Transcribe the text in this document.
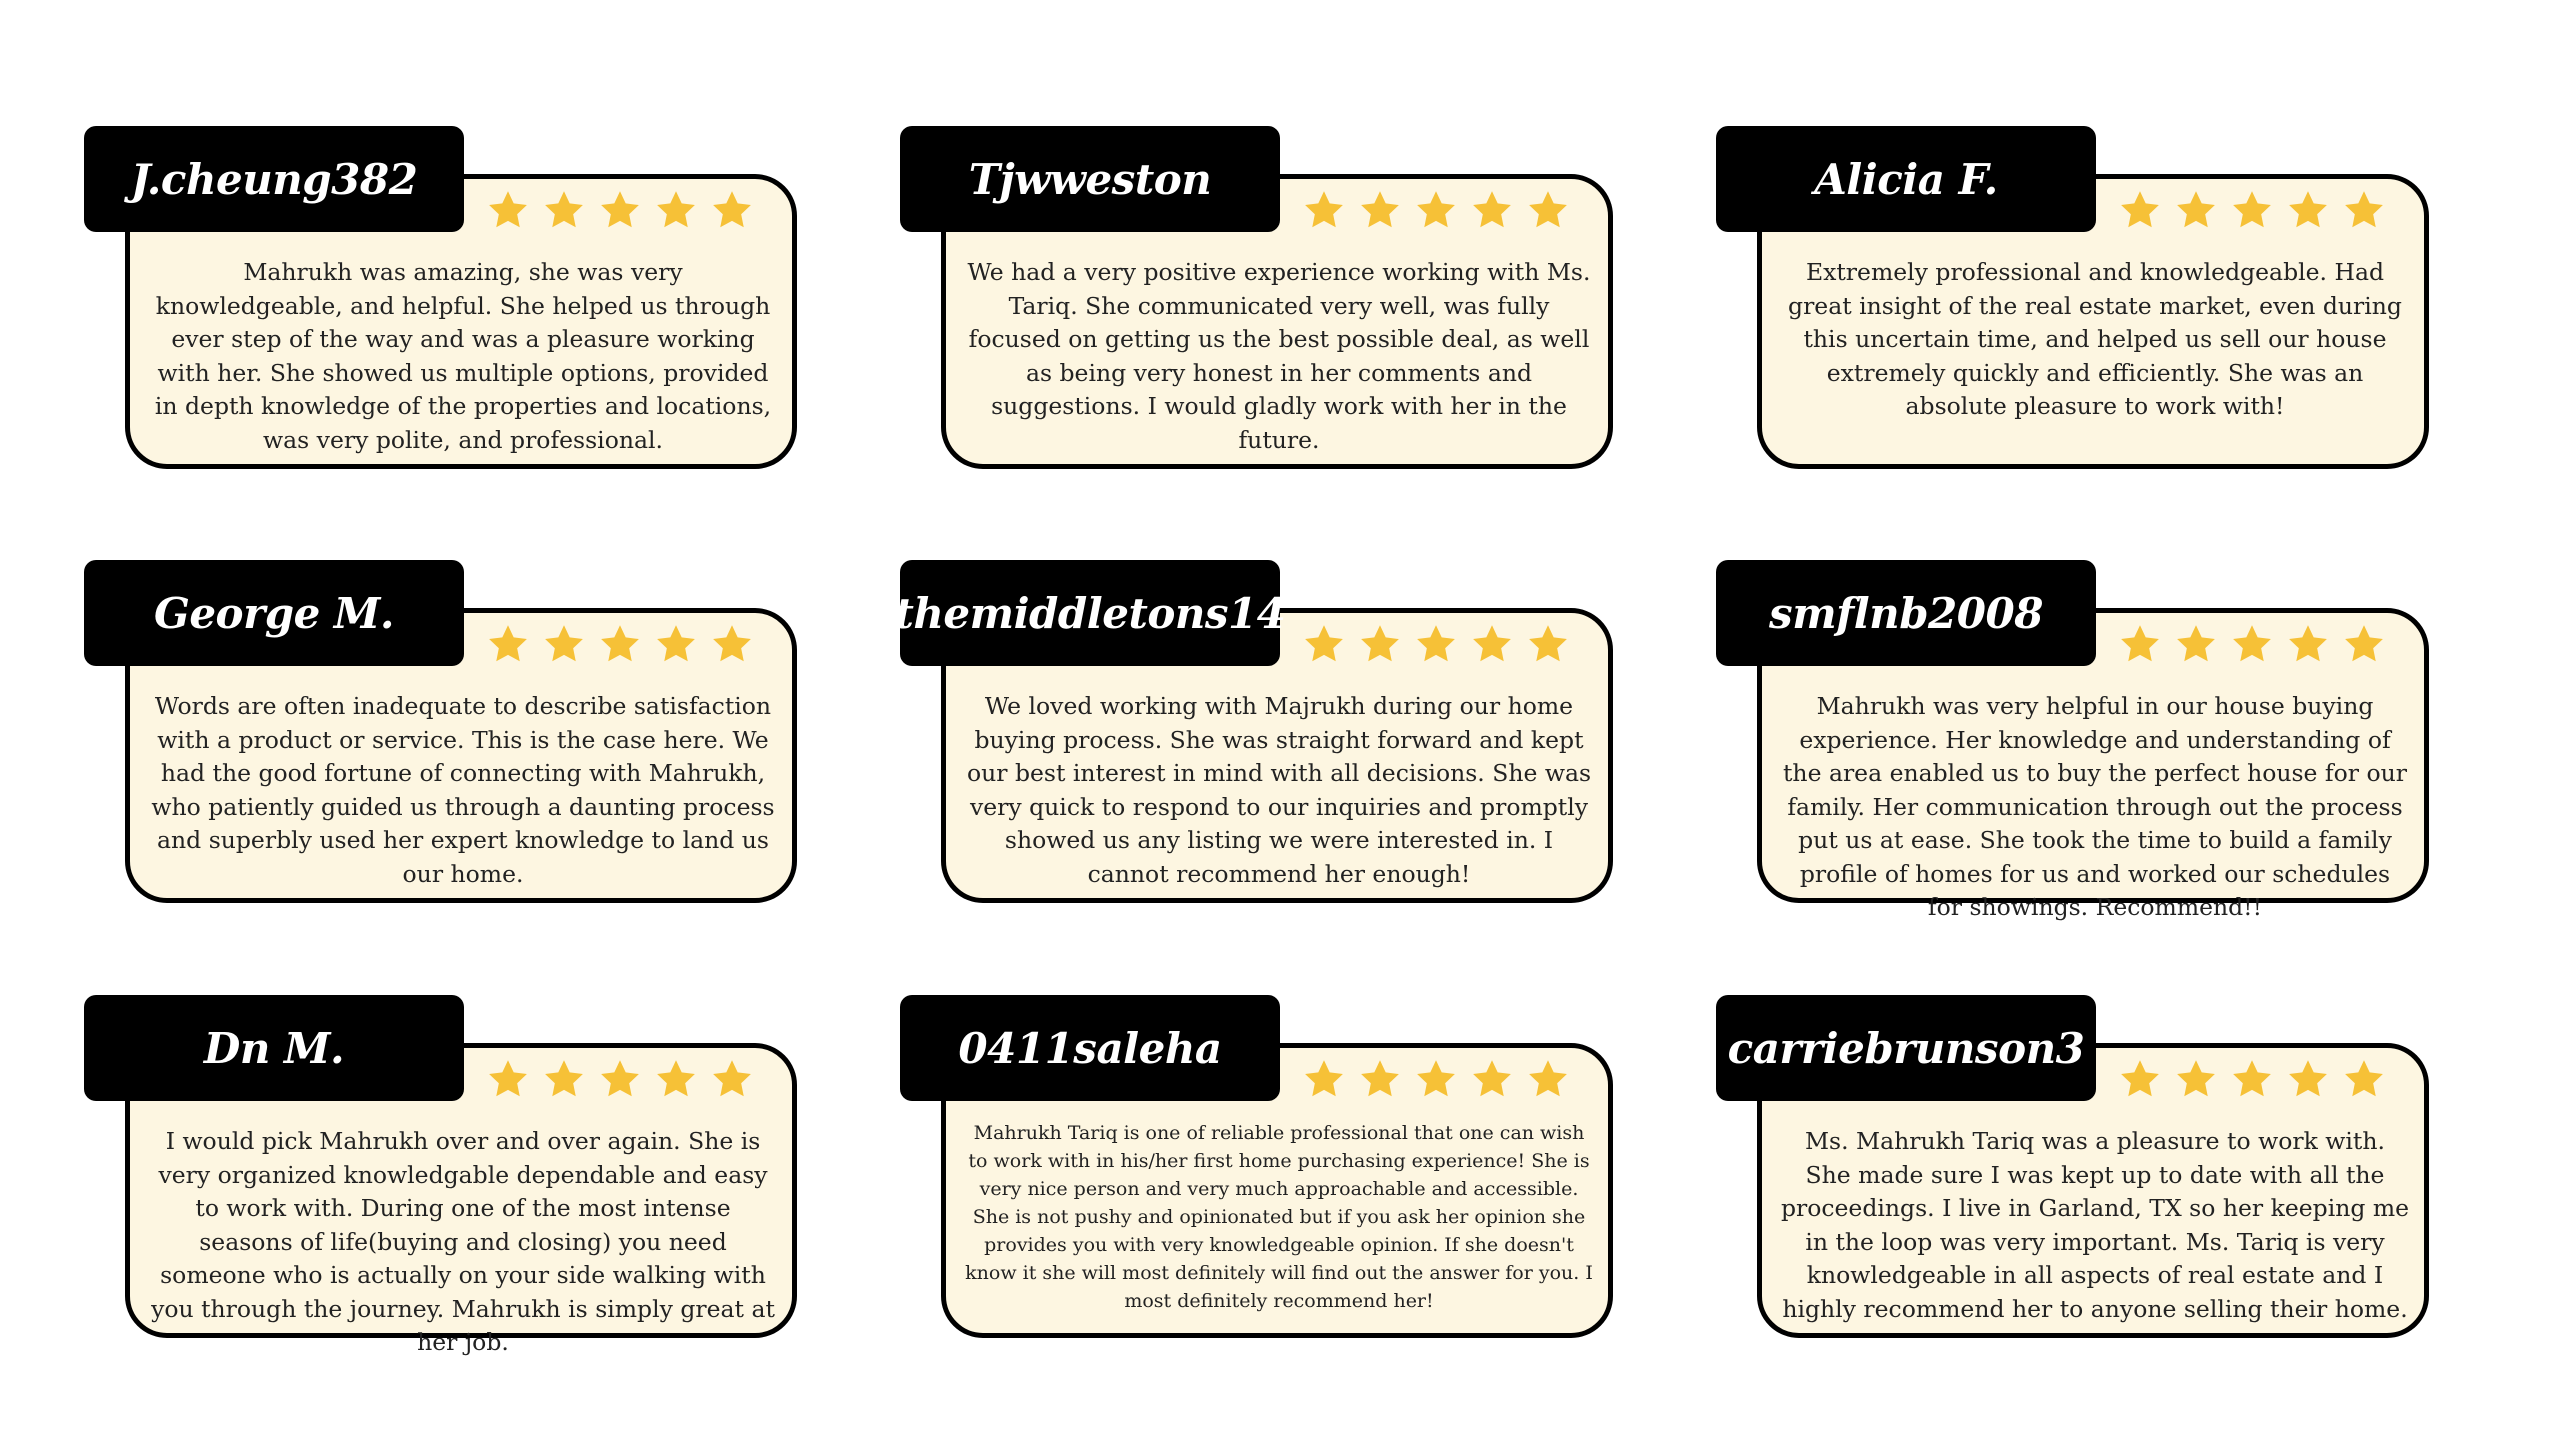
J.cheung382

Mahrukh was amazing, she was very knowledgeable, and helpful. She helped us through ever step of the way and was a pleasure working with her. She showed us multiple options, provided in depth knowledge of the properties and locations, was very polite, and professional.

Tjwweston

We had a very positive experience working with Ms. Tariq. She communicated very well, was fully focused on getting us the best possible deal, as well as being very honest in her comments and suggestions. I would gladly work with her in the future.

Alicia F.

Extremely professional and knowledgeable. Had great insight of the real estate market, even during this uncertain time, and helped us sell our house extremely quickly and efficiently. She was an absolute pleasure to work with!

George M.

Words are often inadequate to describe satisfaction with a product or service. This is the case here. We had the good fortune of connecting with Mahrukh, who patiently guided us through a daunting process and superbly used her expert knowledge to land us our home.

themiddletons14

We loved working with Majrukh during our home buying process. She was straight forward and kept our best interest in mind with all decisions. She was very quick to respond to our inquiries and promptly showed us any listing we were interested in. I cannot recommend her enough!

smflnb2008

Mahrukh was very helpful in our house buying experience. Her knowledge and understanding of the area enabled us to buy the perfect house for our family. Her communication through out the process put us at ease. She took the time to build a family profile of homes for us and worked our schedules for showings. Recommend!!

Dn M.

I would pick Mahrukh over and over again. She is very organized knowledgable dependable and easy to work with. During one of the most intense seasons of life(buying and closing) you need someone who is actually on your side walking with you through the journey. Mahrukh is simply great at her job.

0411saleha

Mahrukh Tariq is one of reliable professional that one can wish to work with in his/her first home purchasing experience! She is very nice person and very much approachable and accessible. She is not pushy and opinionated but if you ask her opinion she provides you with very knowledgeable opinion. If she doesn't know it she will most definitely will find out the answer for you. I most definitely recommend her!

carriebrunson3

Ms. Mahrukh Tariq was a pleasure to work with. She made sure I was kept up to date with all the proceedings. I live in Garland, TX so her keeping me in the loop was very important. Ms. Tariq is very knowledgeable in all aspects of real estate and I highly recommend her to anyone selling their home.
